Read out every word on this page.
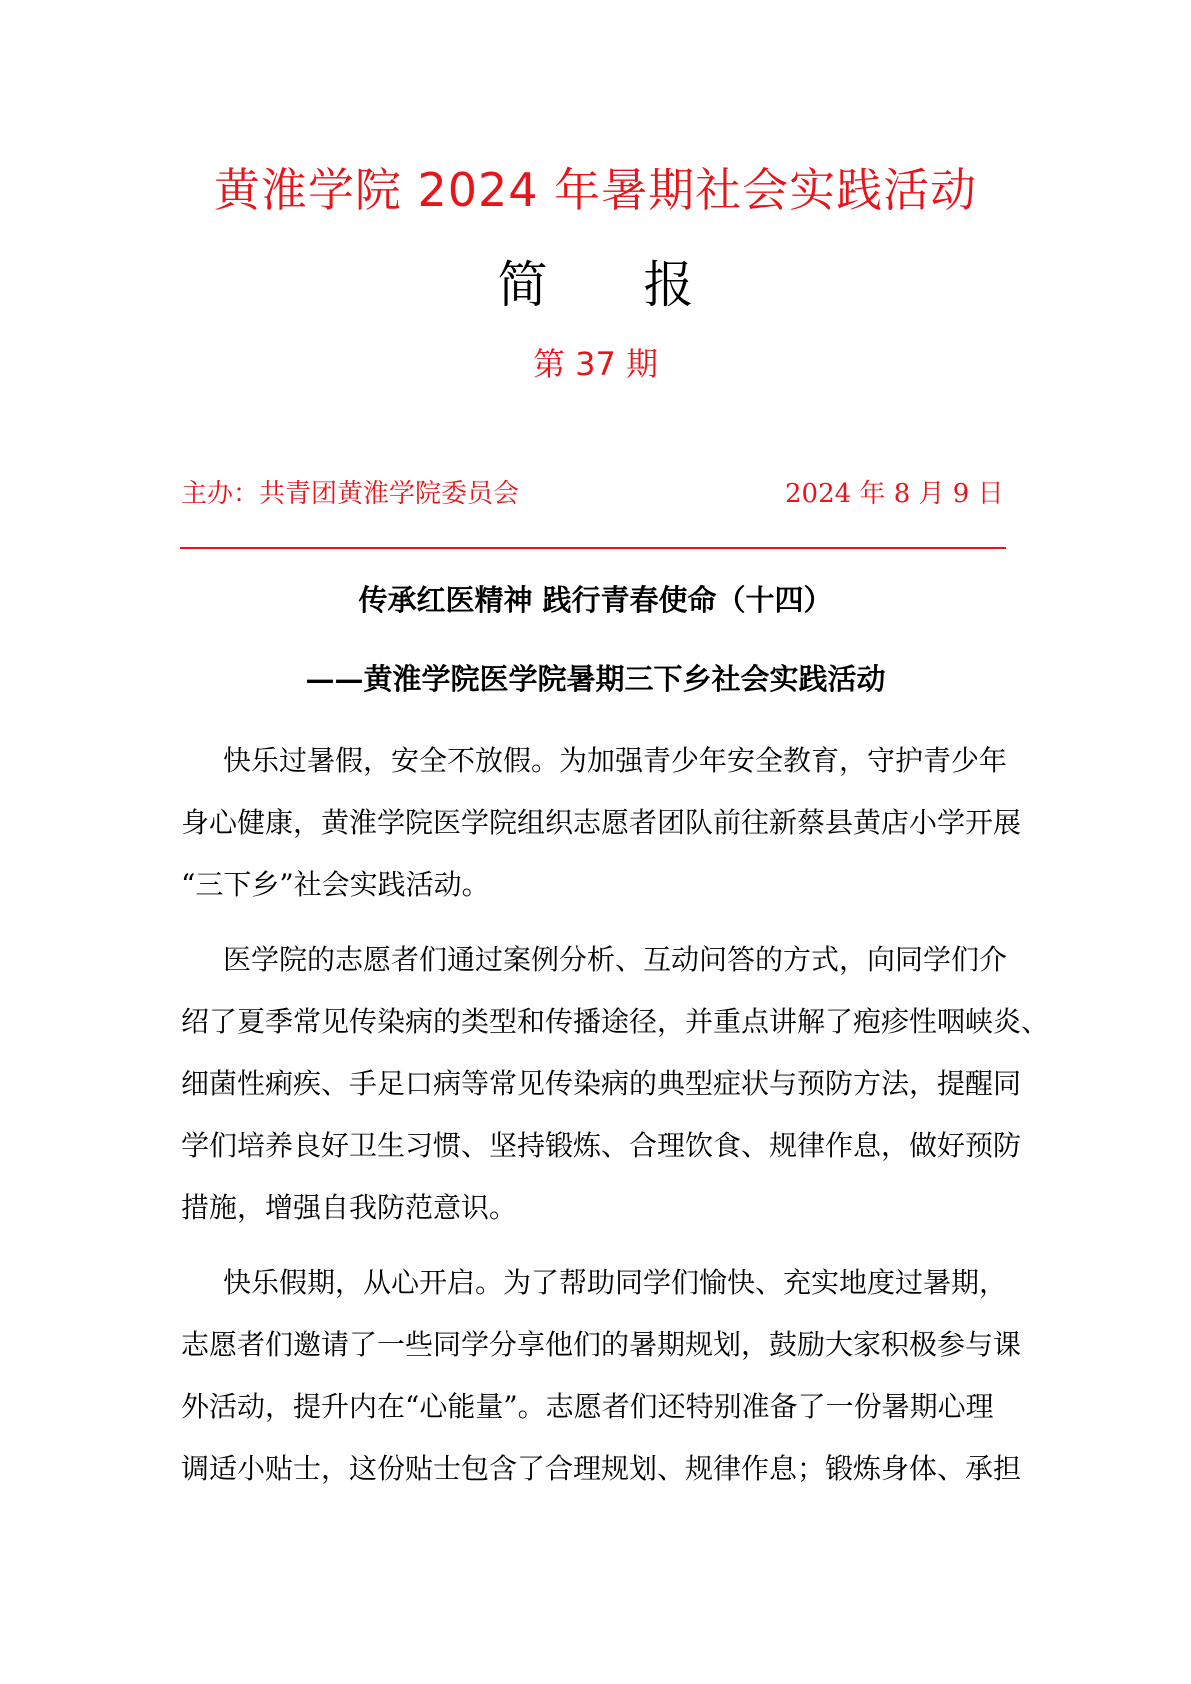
黄淮学院 2024 年暑期社会实践活动
简 报
第 37 期
主办：共青团黄淮学院委员会	2024 年 8 月 9 日
传承红医精神 践行青春使命（十四）
——黄淮学院医学院暑期三下乡社会实践活动
快乐过暑假，安全不放假。为加强青少年安全教育，守护青少年
身心健康，黄淮学院医学院组织志愿者团队前往新蔡县黄店小学开展
“三下乡”社会实践活动。
医学院的志愿者们通过案例分析、互动问答的方式，向同学们介
绍了夏季常见传染病的类型和传播途径，并重点讲解了疱疹性咽峡炎、
细菌性痢疾、手足口病等常见传染病的典型症状与预防方法，提醒同
学们培养良好卫生习惯、坚持锻炼、合理饮食、规律作息，做好预防
措施，增强自我防范意识。
快乐假期，从心开启。为了帮助同学们愉快、充实地度过暑期，
志愿者们邀请了一些同学分享他们的暑期规划，鼓励大家积极参与课
外活动，提升内在“心能量”。志愿者们还特别准备了一份暑期心理
调适小贴士，这份贴士包含了合理规划、规律作息；锻炼身体、承担
